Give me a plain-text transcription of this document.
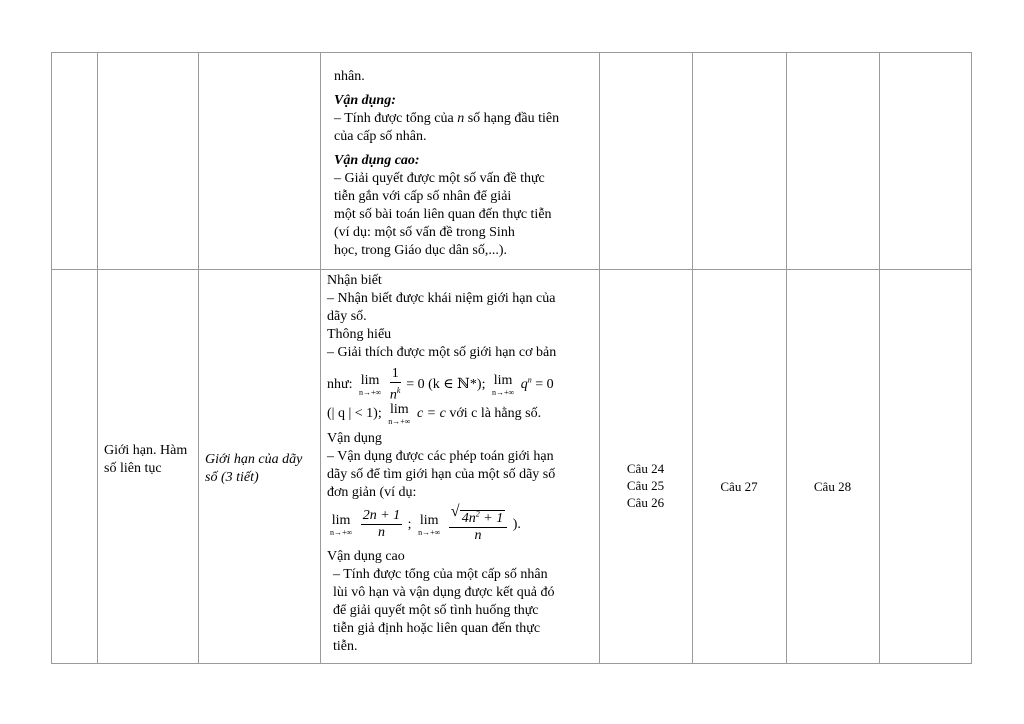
nhân.
Vận dụng:
– Tính được tổng của n số hạng đầu tiên
của cấp số nhân.
Vận dụng cao:
– Giải quyết được một số vấn đề thực
tiễn gắn với cấp số nhân để giải
một số bài toán liên quan đến thực tiễn
(ví dụ: một số vấn đề trong Sinh
học, trong Giáo dục dân số,...).
Giới hạn. Hàm số liên tục
Giới hạn của dãy số (3 tiết)
Nhận biết
– Nhận biết được khái niệm giới hạn của
dãy số.
Thông hiểu
– Giải thích được một số giới hạn cơ bản
như: lim
n→+∞
$\frac{1}{n^k} = 0$ (k ∈ ℕ*); lim
n→+∞
$q^n = 0$
(| q | < 1); lim
n→+∞
c = c với c là hằng số.
Vận dụng
– Vận dụng được các phép toán giới hạn
dãy số để tìm giới hạn của một số dãy số
đơn giản (ví dụ:
lim
n→+∞
$\frac{2n + 1}{n}$ ; lim
n→+∞
$\frac{√ 4n^2 + 1}{n}$ ).
Vận dụng cao
– Tính được tổng của một cấp số nhân
lùi vô hạn và vận dụng được kết quả đó
để giải quyết một số tình huống thực
tiễn giả định hoặc liên quan đến thực
tiễn.
Câu 24
Câu 25
Câu 26
Câu 27	Câu 28
